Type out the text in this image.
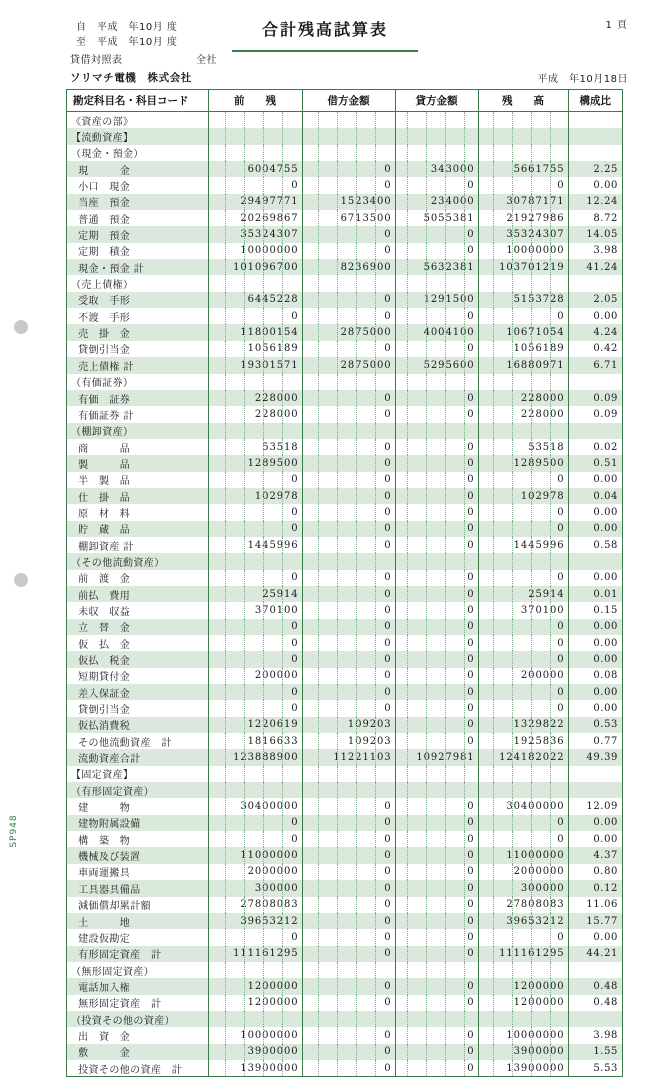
SP948
自　平成　年10月 度
至　平成　年10月 度
貸借対照表	全社
合計残高試算表	1 頁
ソリマチ電機　株式会社	平成　年10月18日
勘定科目名・科目コード	前　　残	借方金額	貸方金額	残　　高	構成比
《資産の部》	

【流動資産】	

（現金・預金）	

現　　　金	6004755	0	343000	5661755	2.25
小口　現金	0	0	0	0	0.00
当座　預金	29497771	1523400	234000	30787171	12.24
普通　預金	20269867	6713500	5055381	21927986	8.72
定期　預金	35324307	0	0	35324307	14.05
定期　積金	10000000	0	0	10000000	3.98
現金・預金 計	101096700	8236900	5632381	103701219	41.24
（売上債権）	

受取　手形	6445228	0	1291500	5153728	2.05
不渡　手形	0	0	0	0	0.00
売　掛　金	11800154	2875000	4004100	10671054	4.24
貸倒引当金	1056189	0	0	1056189	0.42
売上債権 計	19301571	2875000	5295600	16880971	6.71
（有価証券）	

有価　証券	228000	0	0	228000	0.09
有価証券 計	228000	0	0	228000	0.09
（棚卸資産）	

商　　　品	53518	0	0	53518	0.02
製　　　品	1289500	0	0	1289500	0.51
半　製　品	0	0	0	0	0.00
仕　掛　品	102978	0	0	102978	0.04
原　材　料	0	0	0	0	0.00
貯　蔵　品	0	0	0	0	0.00
棚卸資産 計	1445996	0	0	1445996	0.58
（その他流動資産）	

前　渡　金	0	0	0	0	0.00
前払　費用	25914	0	0	25914	0.01
未収　収益	370100	0	0	370100	0.15
立　替　金	0	0	0	0	0.00
仮　払　金	0	0	0	0	0.00
仮払　税金	0	0	0	0	0.00
短期貸付金	200000	0	0	200000	0.08
差入保証金	0	0	0	0	0.00
貸倒引当金	0	0	0	0	0.00
仮払消費税	1220619	109203	0	1329822	0.53
その他流動資産　計	1816633	109203	0	1925836	0.77
流動資産合計	123888900	11221103	10927981	124182022	49.39
【固定資産】	

（有形固定資産）	

建　　　物	30400000	0	0	30400000	12.09
建物附属設備	0	0	0	0	0.00
構　築　物	0	0	0	0	0.00
機械及び装置	11000000	0	0	11000000	4.37
車両運搬具	2000000	0	0	2000000	0.80
工具器具備品	300000	0	0	300000	0.12
減価償却累計額	27808083	0	0	27808083	11.06
土　　　地	39653212	0	0	39653212	15.77
建設仮勘定	0	0	0	0	0.00
有形固定資産　計	111161295	0	0	111161295	44.21
（無形固定資産）	

電話加入権	1200000	0	0	1200000	0.48
無形固定資産　計	1200000	0	0	1200000	0.48
（投資その他の資産）	

出　資　金	10000000	0	0	10000000	3.98
敷　　　金	3900000	0	0	3900000	1.55
投資その他の資産　計	13900000	0	0	13900000	5.53
